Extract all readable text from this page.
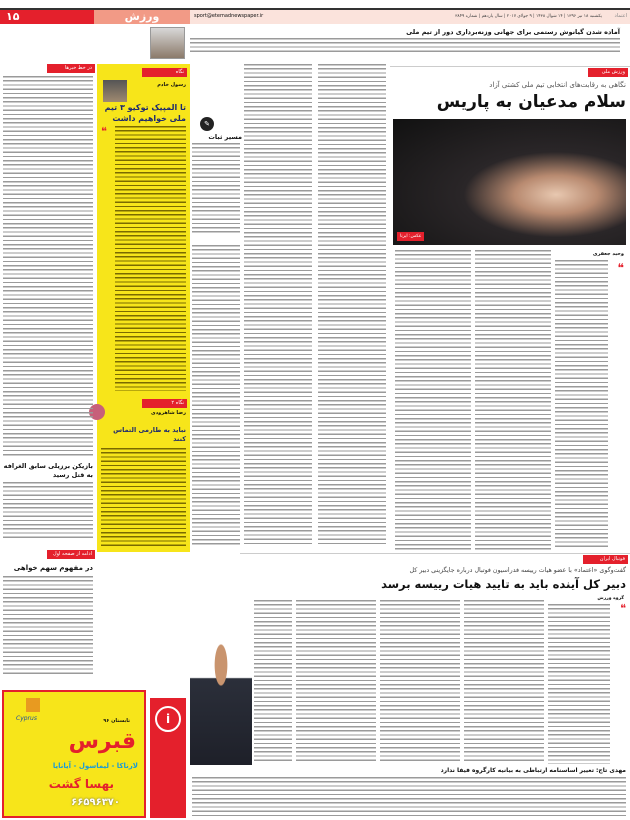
۱۵	ورزش	sport@etemadnewspaper.ir	یکشنبه ۱۸ تیر ۱۳۹۶ | ۱۴ شوال ۱۴۳۸ | ۹ جولای ۲۰۱۷ | سال یازدهم | شماره ۳۸۴۹ اعتماد
آماده شدن گیانوش رستمی برای جهانی وزنه‌برداری دور از تیم ملی
ورزش ملی
نگاهی به رقابت‌های انتخابی تیم ملی کشتی آزاد
سلام مدعیان به پاریس
عکس: ایرنا
وحید جعفری
❝
✎
مسیر ثبات
نگاه
رسول خادم
تا المپیک توکیو ۳ تیم ملی خواهیم داشت
❝
نگاه ۲
رضا شاهرودی
نباید به طارمی التماس کنند
در خط خبرها
بازیکن برزیلی سابق الغرافه به قتل رسید
ادامه از صفحه اول
در مفهوم سهم خواهی
Cyprus	تابستان ۹۶
قبرس
لارناکا - لیماسول - آیانایا
بهسا گشت
۶۶۵۹۶۳۷۰
i
فوتبال ایران
گفت‌وگوی «اعتماد» با عضو هیات رییسه فدراسیون فوتبال درباره جایگزینی دبیر کل
دبیر کل آینده باید به تایید هیات رییسه برسد
گروه ورزش
❝
مهدی تاج: تغییر اساسنامه ارتباطی به بیانیه کارگروه فیفا ندارد
